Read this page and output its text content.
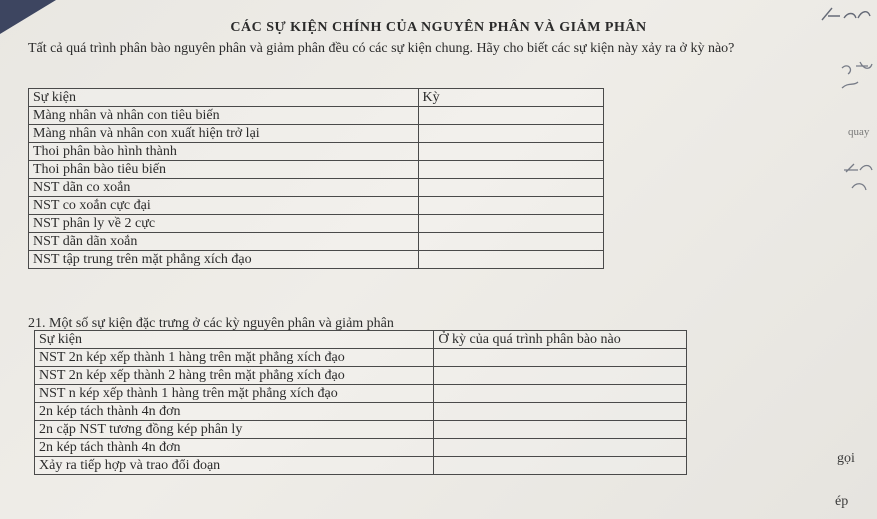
CÁC SỰ KIỆN CHÍNH CỦA NGUYÊN PHÂN VÀ GIẢM PHÂN
Tất cả quá trình phân bào nguyên phân và giảm phân đều có các sự kiện chung. Hãy cho biết các sự kiện này xảy ra ở kỳ nào?
Sự kiện	Kỳ
Màng nhân và nhân con tiêu biến	
Màng nhân và nhân con xuất hiện trở lại	
Thoi phân bào hình thành	
Thoi phân bào tiêu biến	
NST dãn co xoắn	
NST co xoắn cực đại	
NST phân ly về 2 cực	
NST dãn dãn xoắn	
NST tập trung trên mặt phẳng xích đạo	
21. Một số sự kiện đặc trưng ở các kỳ nguyên phân và giảm phân
Sự kiện	Ở kỳ của quá trình phân bào nào
NST 2n kép xếp thành 1 hàng trên mặt phẳng xích đạo	
NST 2n kép xếp thành 2 hàng trên mặt phẳng xích đạo	
NST n kép xếp thành 1 hàng trên mặt phẳng xích đạo	
2n kép tách thành 4n đơn	
2n cặp NST tương đồng kép phân ly	
2n kép tách thành 4n đơn	
Xảy ra tiếp hợp và trao đổi đoạn	
quay
gọi
ép
